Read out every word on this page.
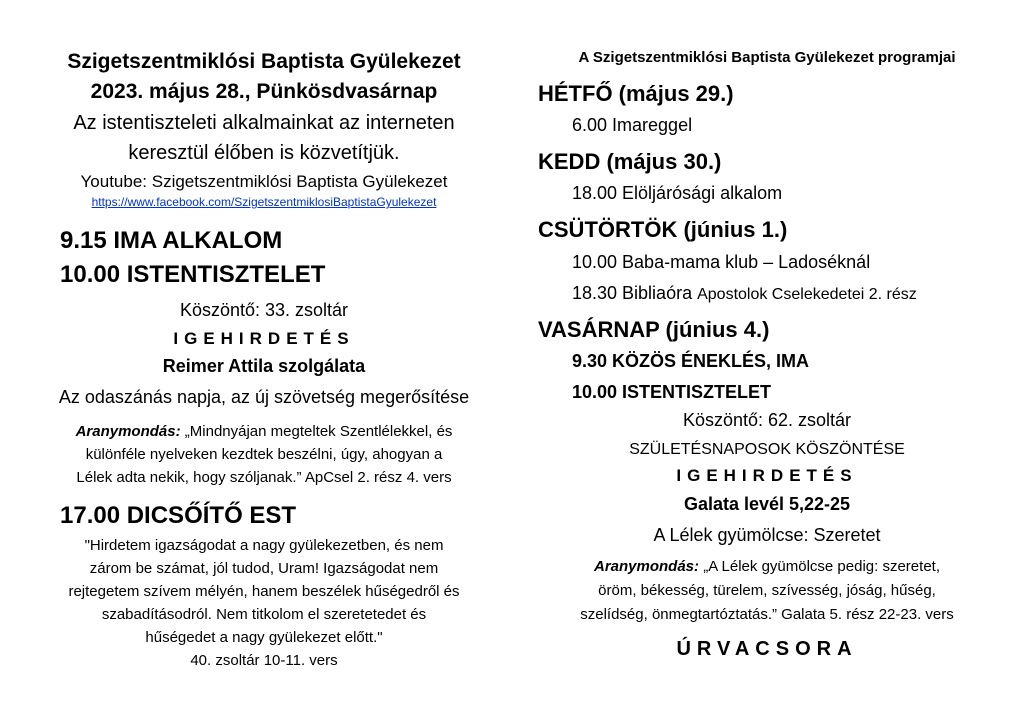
Szigetszentmiklósi Baptista Gyülekezet
2023. május 28., Pünkösdvasárnap
Az istentiszteleti alkalmainkat az interneten
keresztül élőben is közvetítjük.
Youtube: Szigetszentmiklósi Baptista Gyülekezet
https://www.facebook.com/SzigetszentmiklosiBaptistaGyulekezet
9.15 IMA ALKALOM
10.00 ISTENTISZTELET
Köszöntő: 33. zsoltár
IGEHIRDETÉS
Reimer Attila szolgálata
Az odaszánás napja, az új szövetség megerősítése
Aranymondás: „Mindnyájan megteltek Szentlélekkel, és
különféle nyelveken kezdtek beszélni, úgy, ahogyan a
Lélek adta nekik, hogy szóljanak.” ApCsel 2. rész 4. vers
17.00 DICSŐÍTŐ EST
"Hirdetem igazságodat a nagy gyülekezetben, és nem
zárom be számat, jól tudod, Uram! Igazságodat nem
rejtegetem szívem mélyén, hanem beszélek hűségedről és
szabadításodról. Nem titkolom el szeretetedet és
hűségedet a nagy gyülekezet előtt."
40. zsoltár 10-11. vers
A Szigetszentmiklósi Baptista Gyülekezet programjai
HÉTFŐ (május 29.)
6.00 Imareggel
KEDD (május 30.)
18.00 Elöljárósági alkalom
CSÜTÖRTÖK (június 1.)
10.00 Baba-mama klub – Ladoséknál
18.30 Bibliaóra Apostolok Cselekedetei 2. rész
VASÁRNAP (június 4.)
9.30 KÖZÖS ÉNEKLÉS, IMA
10.00 ISTENTISZTELET
Köszöntő: 62. zsoltár
SZÜLETÉSNAPOSOK KÖSZÖNTÉSE
IGEHIRDETÉS
Galata levél 5,22-25
A Lélek gyümölcse: Szeretet
Aranymondás: „A Lélek gyümölcse pedig: szeretet,
öröm, békesség, türelem, szívesség, jóság, hűség,
szelídség, önmegtartóztatás.” Galata 5. rész 22-23. vers
ÚRVACSORA
